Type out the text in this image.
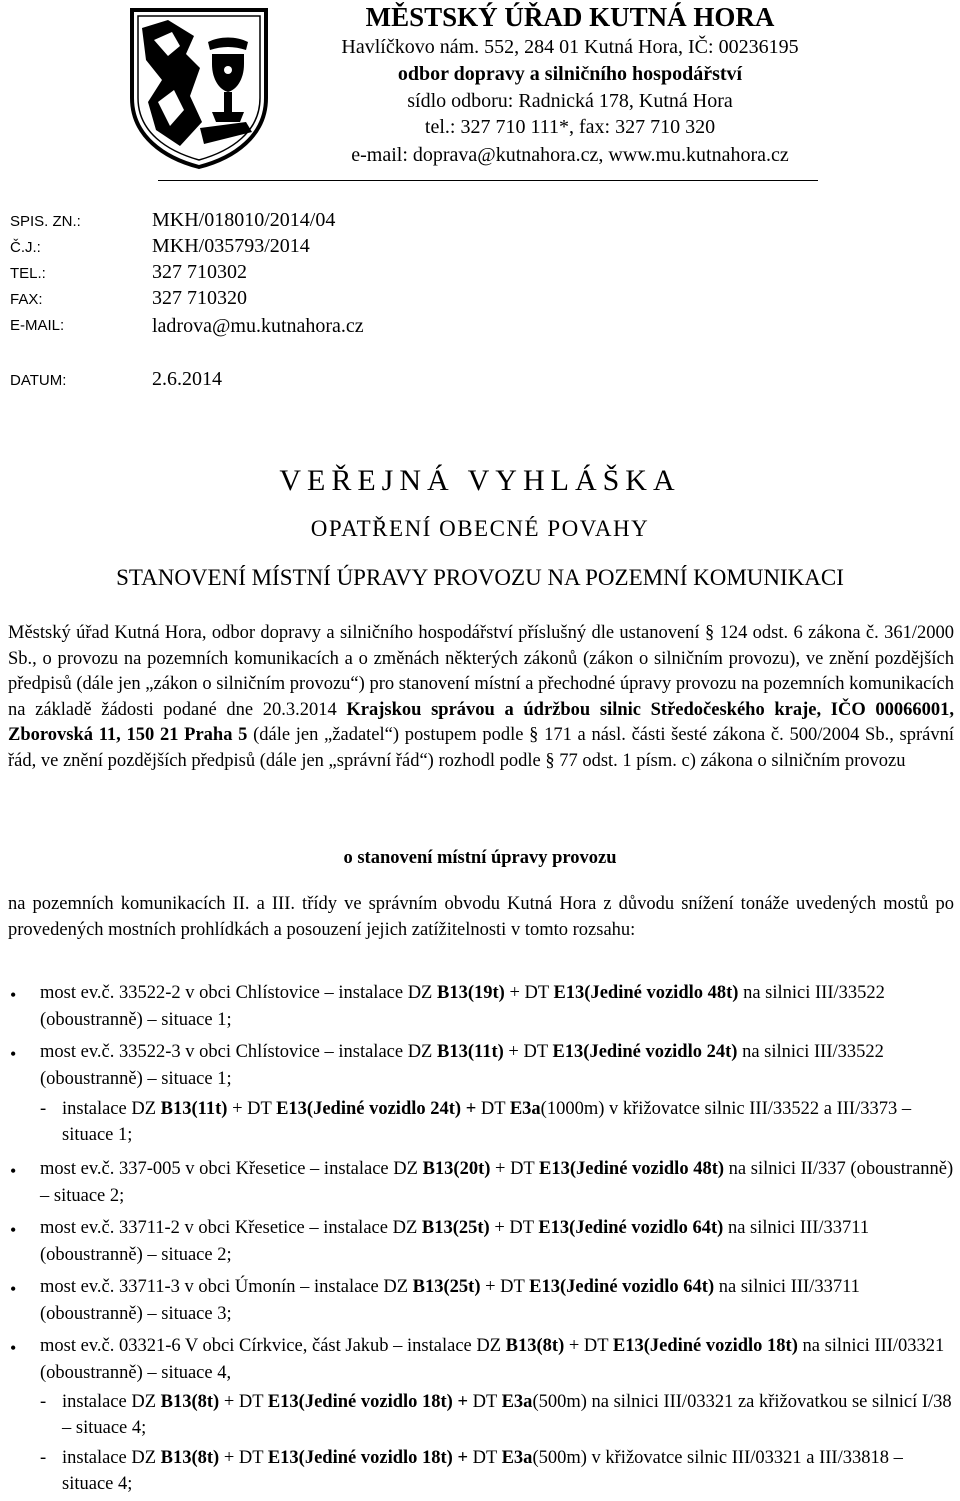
MĚSTSKÝ ÚŘAD KUTNÁ HORA
Havlíčkovo nám. 552, 284 01 Kutná Hora, IČ: 00236195
odbor dopravy a silničního hospodářství
sídlo odboru: Radnická 178, Kutná Hora
tel.: 327 710 111*, fax: 327 710 320
e-mail: doprava@kutnahora.cz, www.mu.kutnahora.cz
SPIS. ZN.:	MKH/018010/2014/04
Č.J.:	MKH/035793/2014
TEL.:	327 710302
FAX:	327 710320
E-MAIL:	ladrova@mu.kutnahora.cz
DATUM:	2.6.2014
VEŘEJNÁ VYHLÁŠKA
OPATŘENÍ OBECNÉ POVAHY
STANOVENÍ MÍSTNÍ ÚPRAVY PROVOZU NA POZEMNÍ KOMUNIKACI
Městský úřad Kutná Hora, odbor dopravy a silničního hospodářství příslušný dle ustanovení § 124 odst. 6 zákona č. 361/2000 Sb., o provozu na pozemních komunikacích a o změnách některých zákonů (zákon o silničním provozu), ve znění pozdějších předpisů (dále jen „zákon o silničním provozu“) pro stanovení místní a přechodné úpravy provozu na pozemních komunikacích na základě žádosti podané dne 20.3.2014 Krajskou správou a údržbou silnic Středočeského kraje, IČO 00066001, Zborovská 11, 150 21 Praha 5 (dále jen „žadatel“) postupem podle § 171 a násl. části šesté zákona č. 500/2004 Sb., správní řád, ve znění pozdějších předpisů (dále jen „správní řád“) rozhodl podle § 77 odst. 1 písm. c) zákona o silničním provozu
o stanovení místní úpravy provozu
na pozemních komunikacích II. a III. třídy ve správním obvodu Kutná Hora z důvodu snížení tonáže uvedených mostů po provedených mostních prohlídkách a posouzení jejich zatížitelnosti v tomto rozsahu:
• most ev.č. 33522-2 v obci Chlístovice – instalace DZ B13(19t) + DT E13(Jediné vozidlo 48t) na silnici III/33522 (oboustranně) – situace 1;
• most ev.č. 33522-3 v obci Chlístovice – instalace DZ B13(11t) + DT E13(Jediné vozidlo 24t) na silnici III/33522 (oboustranně) – situace 1;
- instalace DZ B13(11t) + DT E13(Jediné vozidlo 24t) + DT E3a(1000m) v křižovatce silnic III/33522 a III/3373 – situace 1;
• most ev.č. 337-005 v obci Křesetice – instalace DZ B13(20t) + DT E13(Jediné vozidlo 48t) na silnici II/337 (oboustranně) – situace 2;
• most ev.č. 33711-2 v obci Křesetice – instalace DZ B13(25t) + DT E13(Jediné vozidlo 64t) na silnici III/33711 (oboustranně) – situace 2;
• most ev.č. 33711-3 v obci Úmonín – instalace DZ B13(25t) + DT E13(Jediné vozidlo 64t) na silnici III/33711 (oboustranně) – situace 3;
• most ev.č. 03321-6 V obci Církvice, část Jakub – instalace DZ B13(8t) + DT E13(Jediné vozidlo 18t) na silnici III/03321 (oboustranně) – situace 4,
- instalace DZ B13(8t) + DT E13(Jediné vozidlo 18t) + DT E3a(500m) na silnici III/03321 za křižovatkou se silnicí I/38 – situace 4;
- instalace DZ B13(8t) + DT E13(Jediné vozidlo 18t) + DT E3a(500m) v křižovatce silnic III/03321 a III/33818 – situace 4;
